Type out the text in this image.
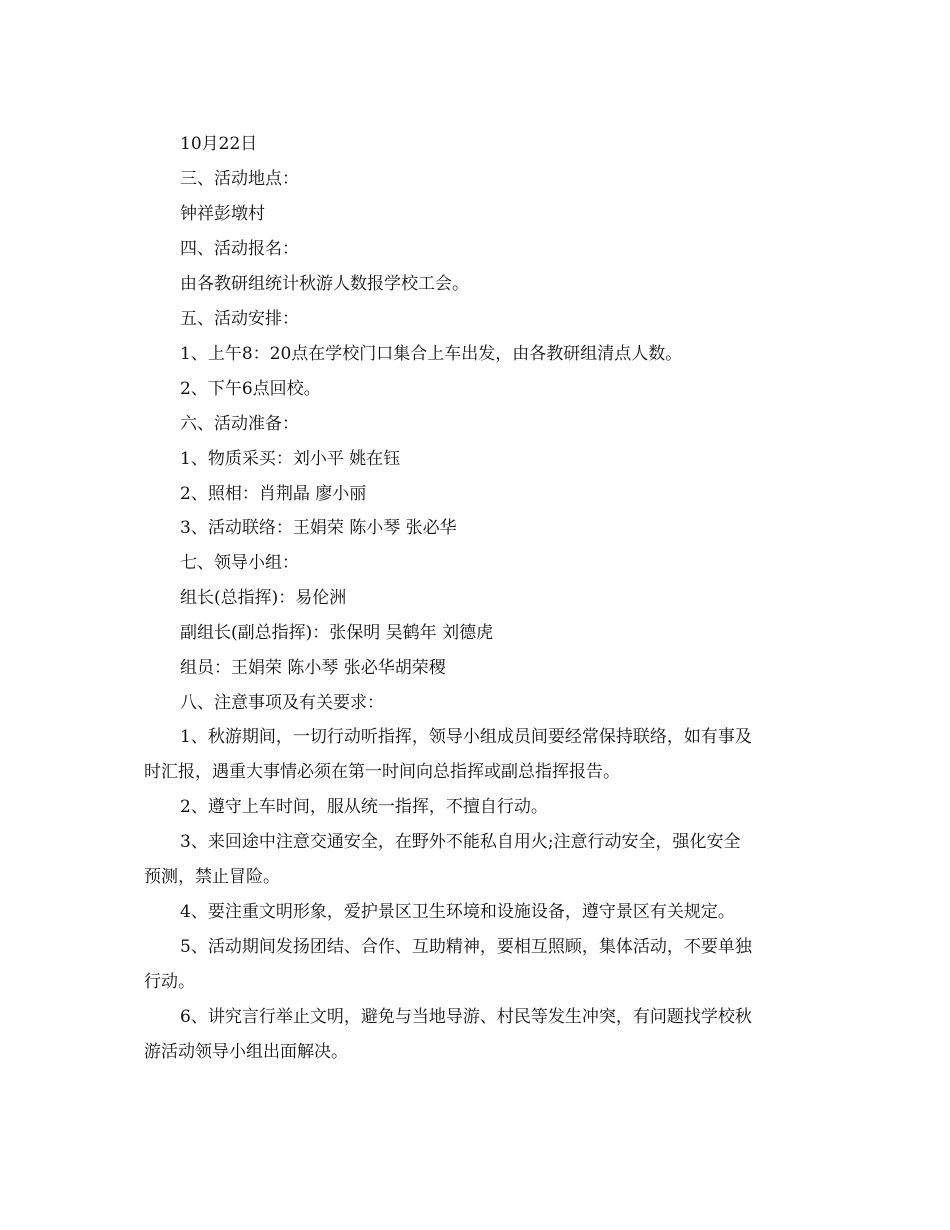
10月22日
三、活动地点：
钟祥彭墩村
四、活动报名：
由各教研组统计秋游人数报学校工会。
五、活动安排：
1、上午8：20点在学校门口集合上车出发，由各教研组清点人数。
2、下午6点回校。
六、活动准备：
1、物质采买：刘小平 姚在钰
2、照相：肖荆晶 廖小丽
3、活动联络：王娟荣 陈小琴 张必华
七、领导小组：
组长(总指挥)：易伦洲
副组长(副总指挥)：张保明 吴鹤年 刘德虎
组员：王娟荣 陈小琴 张必华胡荣稷
八、注意事项及有关要求：
1、秋游期间，一切行动听指挥，领导小组成员间要经常保持联络，如有事及
时汇报，遇重大事情必须在第一时间向总指挥或副总指挥报告。
2、遵守上车时间，服从统一指挥，不擅自行动。
3、来回途中注意交通安全，在野外不能私自用火;注意行动安全，强化安全
预测，禁止冒险。
4、要注重文明形象，爱护景区卫生环境和设施设备，遵守景区有关规定。
5、活动期间发扬团结、合作、互助精神，要相互照顾，集体活动，不要单独
行动。
6、讲究言行举止文明，避免与当地导游、村民等发生冲突，有问题找学校秋
游活动领导小组出面解决。
